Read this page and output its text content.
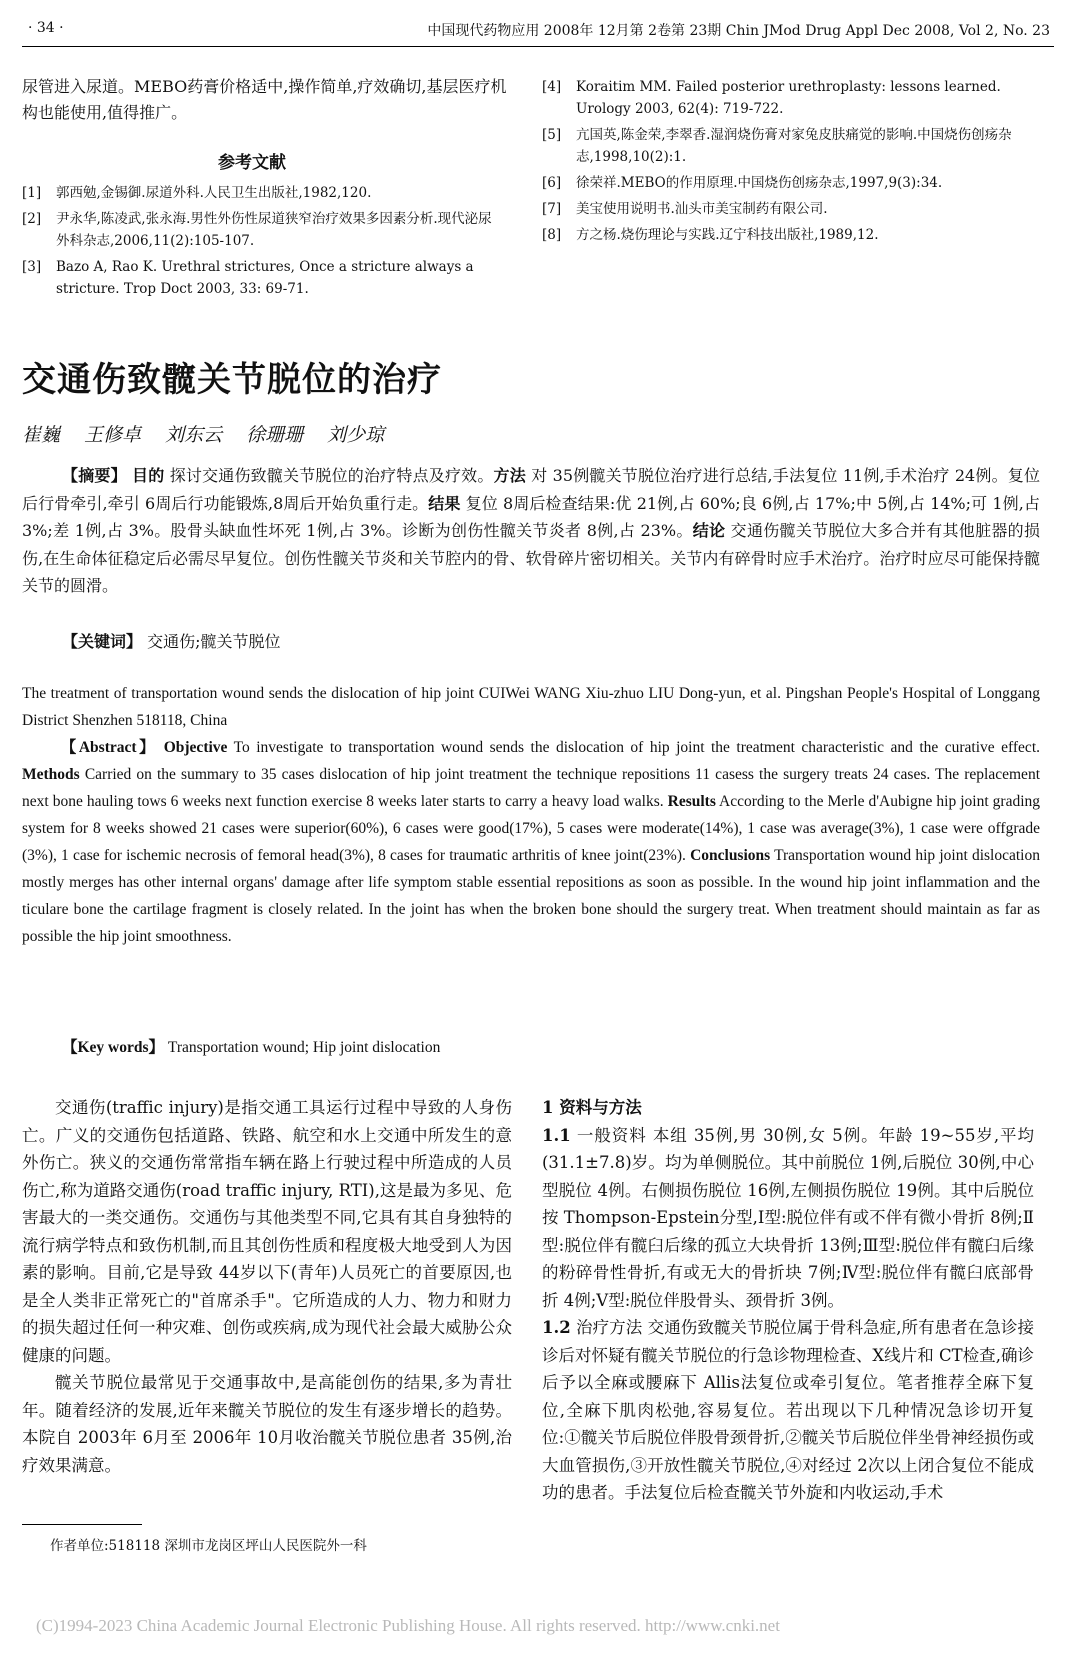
· 34 ·	中国现代药物应用 2008年 12月第 2卷第 23期 Chin JMod Drug Appl Dec 2008, Vol 2, No. 23
尿管进入尿道。MEBO药膏价格适中,操作简单,疗效确切,基层医疗机构也能使用,值得推广。
参考文献
[1] 郭西勉,金锡御.尿道外科.人民卫生出版社,1982,120.
[2] 尹永华,陈凌武,张永海.男性外伤性尿道狭窄治疗效果多因素分析.现代泌尿外科杂志,2006,11(2):105-107.
[3] Bazo A, Rao K. Urethral strictures, Once a stricture always a stricture. Trop Doct 2003, 33: 69-71.
[4] Koraitim MM. Failed posterior urethroplasty: lessons learned. Urology 2003, 62(4): 719-722.
[5] 亢国英,陈金荣,李翠香.湿润烧伤膏对家兔皮肤痛觉的影响.中国烧伤创疡杂志,1998,10(2):1.
[6] 徐荣祥.MEBO的作用原理.中国烧伤创疡杂志,1997,9(3):34.
[7] 美宝使用说明书.汕头市美宝制药有限公司.
[8] 方之杨.烧伤理论与实践.辽宁科技出版社,1989,12.
交通伤致髋关节脱位的治疗
崔巍 王修卓 刘东云 徐珊珊 刘少琼
【摘要】 目的 探讨交通伤致髋关节脱位的治疗特点及疗效。方法 对 35例髋关节脱位治疗进行总结,手法复位 11例,手术治疗 24例。复位后行骨牵引,牵引 6周后行功能锻炼,8周后开始负重行走。结果 复位 8周后检查结果:优 21例,占 60%;良 6例,占 17%;中 5例,占 14%;可 1例,占 3%;差 1例,占 3%。股骨头缺血性坏死 1例,占 3%。诊断为创伤性髋关节炎者 8例,占 23%。结论 交通伤髋关节脱位大多合并有其他脏器的损伤,在生命体征稳定后必需尽早复位。创伤性髋关节炎和关节腔内的骨、软骨碎片密切相关。关节内有碎骨时应手术治疗。治疗时应尽可能保持髋关节的圆滑。
【关键词】 交通伤;髋关节脱位
The treatment of transportation wound sends the dislocation of hip joint CUIWei WANG Xiu-zhuo LIU Dong-yun, et al. Pingshan People's Hospital of Longgang District Shenzhen 518118, China
【Abstract】 Objective To investigate to transportation wound sends the dislocation of hip joint the treatment characteristic and the curative effect. Methods Carried on the summary to 35 cases dislocation of hip joint treatment the technique repositions 11 casess the surgery treats 24 cases. The replacement next bone hauling tows 6 weeks next function exercise 8 weeks later starts to carry a heavy load walks. Results According to the Merle d'Aubigne hip joint grading system for 8 weeks showed 21 cases were superior(60%), 6 cases were good(17%), 5 cases were moderate(14%), 1 case was average(3%), 1 case were offgrade (3%), 1 case for ischemic necrosis of femoral head(3%), 8 cases for traumatic arthritis of knee joint(23%). Conclusions Transportation wound hip joint dislocation mostly merges has other internal organs' damage after life symptom stable essential repositions as soon as possible. In the wound hip joint inflammation and the ticulare bone the cartilage fragment is closely related. In the joint has when the broken bone should the surgery treat. When treatment should maintain as far as possible the hip joint smoothness.
【Key words】 Transportation wound; Hip joint dislocation

交通伤(traffic injury)是指交通工具运行过程中导致的人身伤亡。广义的交通伤包括道路、铁路、航空和水上交通中所发生的意外伤亡。狭义的交通伤常常指车辆在路上行驶过程中所造成的人员伤亡,称为道路交通伤(road traffic injury, RTI),这是最为多见、危害最大的一类交通伤。交通伤与其他类型不同,它具有其自身独特的流行病学特点和致伤机制,而且其创伤性质和程度极大地受到人为因素的影响。目前,它是导致 44岁以下(青年)人员死亡的首要原因,也是全人类非正常死亡的"首席杀手"。它所造成的人力、物力和财力的损失超过任何一种灾难、创伤或疾病,成为现代社会最大威胁公众健康的问题。

髋关节脱位最常见于交通事故中,是高能创伤的结果,多为青壮年。随着经济的发展,近年来髋关节脱位的发生有逐步增长的趋势。本院自 2003年 6月至 2006年 10月收治髋关节脱位患者 35例,治疗效果满意。

作者单位:518118 深圳市龙岗区坪山人民医院外一科

1 资料与方法

1.1 一般资料 本组 35例,男 30例,女 5例。年龄 19~55岁,平均(31.1±7.8)岁。均为单侧脱位。其中前脱位 1例,后脱位 30例,中心型脱位 4例。右侧损伤脱位 16例,左侧损伤脱位 19例。其中后脱位按 Thompson-Epstein分型,Ⅰ型:脱位伴有或不伴有微小骨折 8例;Ⅱ型:脱位伴有髋臼后缘的孤立大块骨折 13例;Ⅲ型:脱位伴有髋臼后缘的粉碎骨性骨折,有或无大的骨折块 7例;Ⅳ型:脱位伴有髋臼底部骨折 4例;Ⅴ型:脱位伴股骨头、颈骨折 3例。

1.2 治疗方法 交通伤致髋关节脱位属于骨科急症,所有患者在急诊接诊后对怀疑有髋关节脱位的行急诊物理检查、X线片和 CT检查,确诊后予以全麻或腰麻下 Allis法复位或牵引复位。笔者推荐全麻下复位,全麻下肌肉松弛,容易复位。若出现以下几种情况急诊切开复位:①髋关节后脱位伴股骨颈骨折,②髋关节后脱位伴坐骨神经损伤或大血管损伤,③开放性髋关节脱位,④对经过 2次以上闭合复位不能成功的患者。手法复位后检查髋关节外旋和内收运动,手术

(C)1994-2023 China Academic Journal Electronic Publishing House. All rights reserved. http://www.cnki.net
